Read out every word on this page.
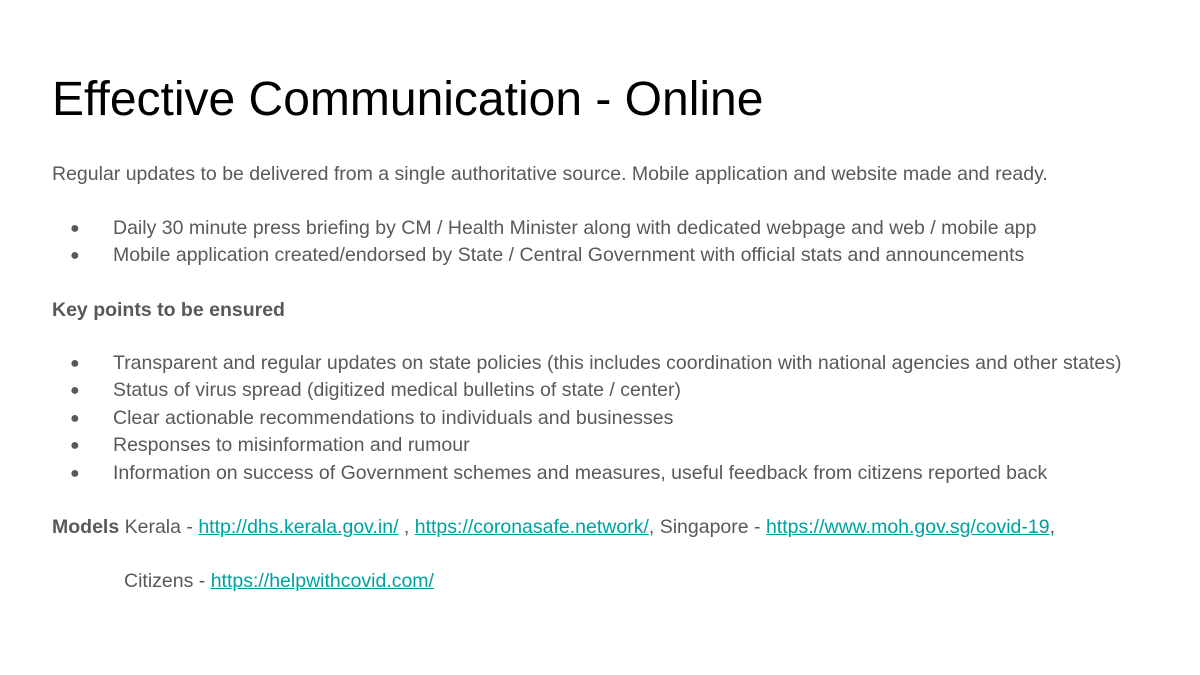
Effective Communication - Online
Regular updates to be delivered from a single authoritative source. Mobile application and website made and ready.
● Daily 30 minute press briefing by CM / Health Minister along with dedicated webpage and web / mobile app
● Mobile application created/endorsed by State / Central Government with official stats and announcements
Key points to be ensured
● Transparent and regular updates on state policies (this includes coordination with national agencies and other states)
● Status of virus spread (digitized medical bulletins of state / center)
● Clear actionable recommendations to individuals and businesses
● Responses to misinformation and rumour
● Information on success of Government schemes and measures, useful feedback from citizens reported back
Models Kerala - http://dhs.kerala.gov.in/ , https://coronasafe.network/, Singapore - https://www.moh.gov.sg/covid-19,
Citizens - https://helpwithcovid.com/
